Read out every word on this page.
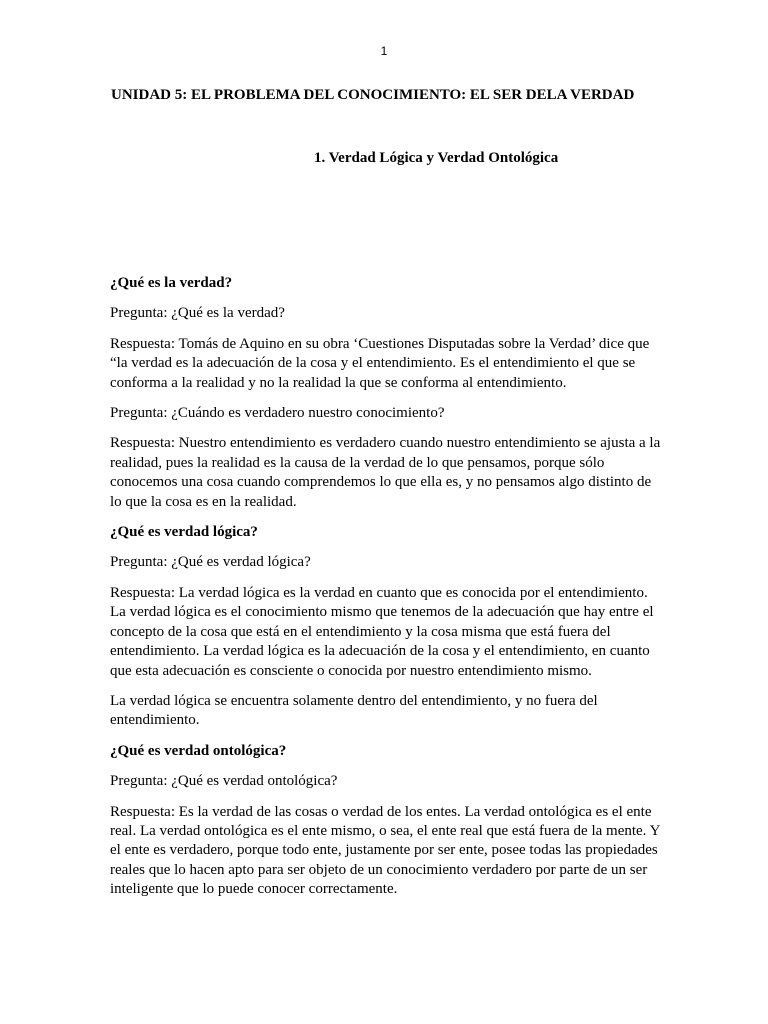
1
UNIDAD 5: EL PROBLEMA DEL CONOCIMIENTO: EL SER DELA VERDAD
1. Verdad Lógica y Verdad Ontológica

¿Qué es la verdad?

Pregunta: ¿Qué es la verdad?

Respuesta: Tomás de Aquino en su obra ‘Cuestiones Disputadas sobre la Verdad’ dice que “la verdad es la adecuación de la cosa y el entendimiento. Es el entendimiento el que se conforma a la realidad y no la realidad la que se conforma al entendimiento.

Pregunta: ¿Cuándo es verdadero nuestro conocimiento?

Respuesta: Nuestro entendimiento es verdadero cuando nuestro entendimiento se ajusta a la realidad, pues la realidad es la causa de la verdad de lo que pensamos, porque sólo conocemos una cosa cuando comprendemos lo que ella es, y no pensamos algo distinto de lo que la cosa es en la realidad.

¿Qué es verdad lógica?

Pregunta: ¿Qué es verdad lógica?

Respuesta: La verdad lógica es la verdad en cuanto que es conocida por el entendimiento. La verdad lógica es el conocimiento mismo que tenemos de la adecuación que hay entre el concepto de la cosa que está en el entendimiento y la cosa misma que está fuera del entendimiento. La verdad lógica es la adecuación de la cosa y el entendimiento, en cuanto que esta adecuación es consciente o conocida por nuestro entendimiento mismo.

La verdad lógica se encuentra solamente dentro del entendimiento, y no fuera del entendimiento.

¿Qué es verdad ontológica?

Pregunta: ¿Qué es verdad ontológica?

Respuesta: Es la verdad de las cosas o verdad de los entes. La verdad ontológica es el ente real. La verdad ontológica es el ente mismo, o sea, el ente real que está fuera de la mente. Y el ente es verdadero, porque todo ente, justamente por ser ente, posee todas las propiedades reales que lo hacen apto para ser objeto de un conocimiento verdadero por parte de un ser inteligente que lo puede conocer correctamente.
